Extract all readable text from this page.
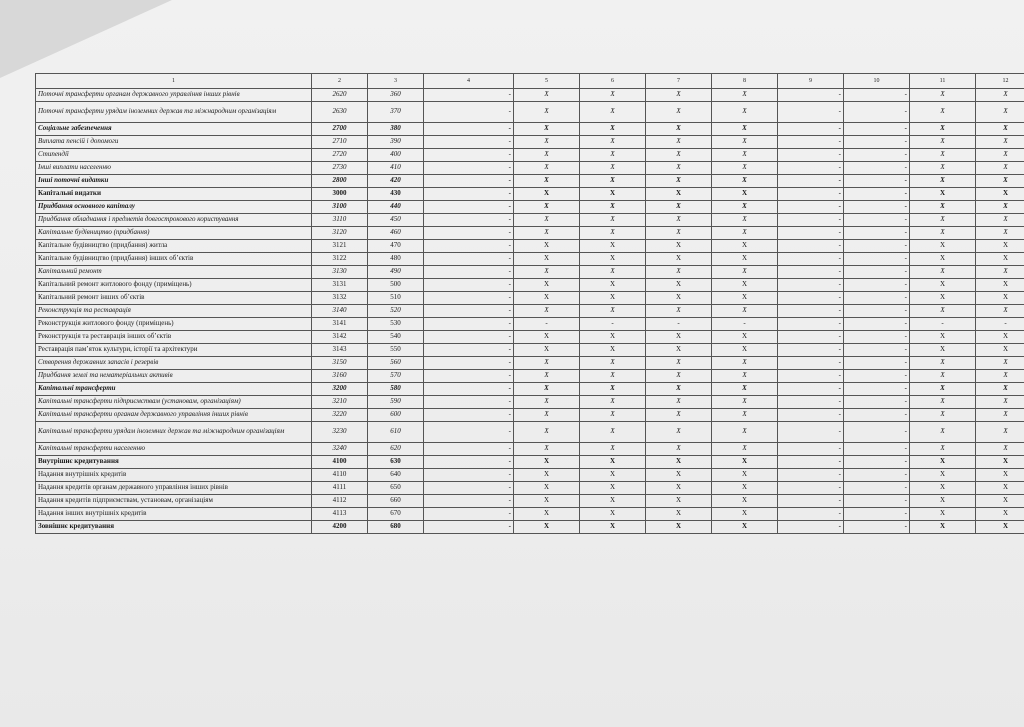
1	2	3	4	5	6	7	8	9	10	11	12
Поточні трансферти органам державного управління інших рівнів	2620	360	-	X	X	X	X	-	-	X	X
Поточні трансферти урядам іноземних держав та міжнародним організаціям	2630	370	-	X	X	X	X	-	-	X	X
Соціальне забезпечення	2700	380	-	X	X	X	X	-	-	X	X
Виплата пенсій і допомоги	2710	390	-	X	X	X	X	-	-	X	X
Стипендії	2720	400	-	X	X	X	X	-	-	X	X
Інші виплати населенню	2730	410	-	X	X	X	X	-	-	X	X
Інші поточні видатки	2800	420	-	X	X	X	X	-	-	X	X
Капітальні видатки	3000	430	-	X	X	X	X	-	-	X	X
Придбання основного капіталу	3100	440	-	X	X	X	X	-	-	X	X
Придбання обладнання і предметів довгострокового користування	3110	450	-	X	X	X	X	-	-	X	X
Капітальне будівництво (придбання)	3120	460	-	X	X	X	X	-	-	X	X
Капітальне будівництво (придбання) житла	3121	470	-	X	X	X	X	-	-	X	X
Капітальне будівництво (придбання) інших об’єктів	3122	480	-	X	X	X	X	-	-	X	X
Капітальний ремонт	3130	490	-	X	X	X	X	-	-	X	X
Капітальний ремонт житлового фонду (приміщень)	3131	500	-	X	X	X	X	-	-	X	X
Капітальний ремонт інших об’єктів	3132	510	-	X	X	X	X	-	-	X	X
Реконструкція та реставрація	3140	520	-	X	X	X	X	-	-	X	X
Реконструкція житлового фонду (приміщень)	3141	530	-	-	-	-	-	-	-	-	-
Реконструкція та реставрація інших об’єктів	3142	540	-	X	X	X	X	-	-	X	X
Реставрація пам’яток культури, історії та архітектури	3143	550	-	X	X	X	X	-	-	X	X
Створення державних запасів і резервів	3150	560	-	X	X	X	X	-	-	X	X
Придбання землі та нематеріальних активів	3160	570	-	X	X	X	X	-	-	X	X
Капітальні трансферти	3200	580	-	X	X	X	X	-	-	X	X
Капітальні трансферти підприємствам (установам, організаціям)	3210	590	-	X	X	X	X	-	-	X	X
Капітальні трансферти органам державного управління інших рівнів	3220	600	-	X	X	X	X	-	-	X	X
Капітальні трансферти урядам іноземних держав та міжнародним організаціям	3230	610	-	X	X	X	X	-	-	X	X
Капітальні трансферти населенню	3240	620	-	X	X	X	X	-	-	X	X
Внутрішнє кредитування	4100	630	-	X	X	X	X	-	-	X	X
Надання внутрішніх кредитів	4110	640	-	X	X	X	X	-	-	X	X
Надання кредитів органам державного управління інших рівнів	4111	650	-	X	X	X	X	-	-	X	X
Надання кредитів підприємствам, установам, організаціям	4112	660	-	X	X	X	X	-	-	X	X
Надання інших внутрішніх кредитів	4113	670	-	X	X	X	X	-	-	X	X
Зовнішнє кредитування	4200	680	-	X	X	X	X	-	-	X	X
